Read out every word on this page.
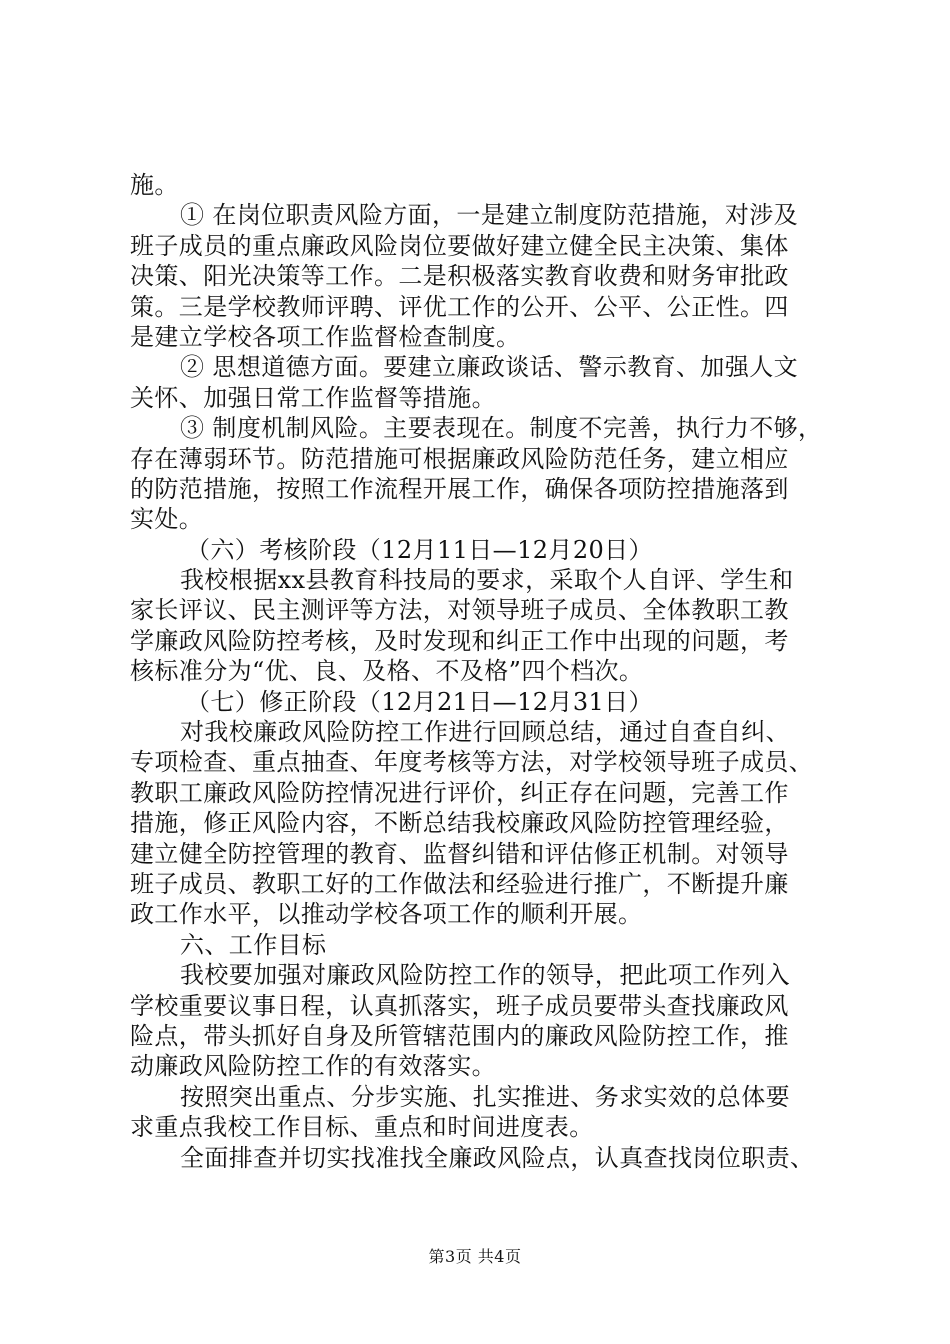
施。
① 在岗位职责风险方面，一是建立制度防范措施，对涉及
班子成员的重点廉政风险岗位要做好建立健全民主决策、集体
决策、阳光决策等工作。二是积极落实教育收费和财务审批政
策。三是学校教师评聘、评优工作的公开、公平、公正性。四
是建立学校各项工作监督检查制度。
② 思想道德方面。要建立廉政谈话、警示教育、加强人文
关怀、加强日常工作监督等措施。
③ 制度机制风险。主要表现在。制度不完善，执行力不够，
存在薄弱环节。防范措施可根据廉政风险防范任务，建立相应
的防范措施，按照工作流程开展工作，确保各项防控措施落到
实处。
（六）考核阶段（12月11日—12月20日）
我校根据xx县教育科技局的要求，采取个人自评、学生和
家长评议、民主测评等方法，对领导班子成员、全体教职工教
学廉政风险防控考核，及时发现和纠正工作中出现的问题，考
核标准分为“优、良、及格、不及格”四个档次。
（七）修正阶段（12月21日—12月31日）
对我校廉政风险防控工作进行回顾总结，通过自查自纠、
专项检查、重点抽查、年度考核等方法，对学校领导班子成员、
教职工廉政风险防控情况进行评价，纠正存在问题，完善工作
措施，修正风险内容，不断总结我校廉政风险防控管理经验，
建立健全防控管理的教育、监督纠错和评估修正机制。对领导
班子成员、教职工好的工作做法和经验进行推广，不断提升廉
政工作水平，以推动学校各项工作的顺利开展。
六、工作目标
我校要加强对廉政风险防控工作的领导，把此项工作列入
学校重要议事日程，认真抓落实，班子成员要带头查找廉政风
险点，带头抓好自身及所管辖范围内的廉政风险防控工作，推
动廉政风险防控工作的有效落实。
按照突出重点、分步实施、扎实推进、务求实效的总体要
求重点我校工作目标、重点和时间进度表。
全面排查并切实找准找全廉政风险点，认真查找岗位职责、
第3页 共4页
